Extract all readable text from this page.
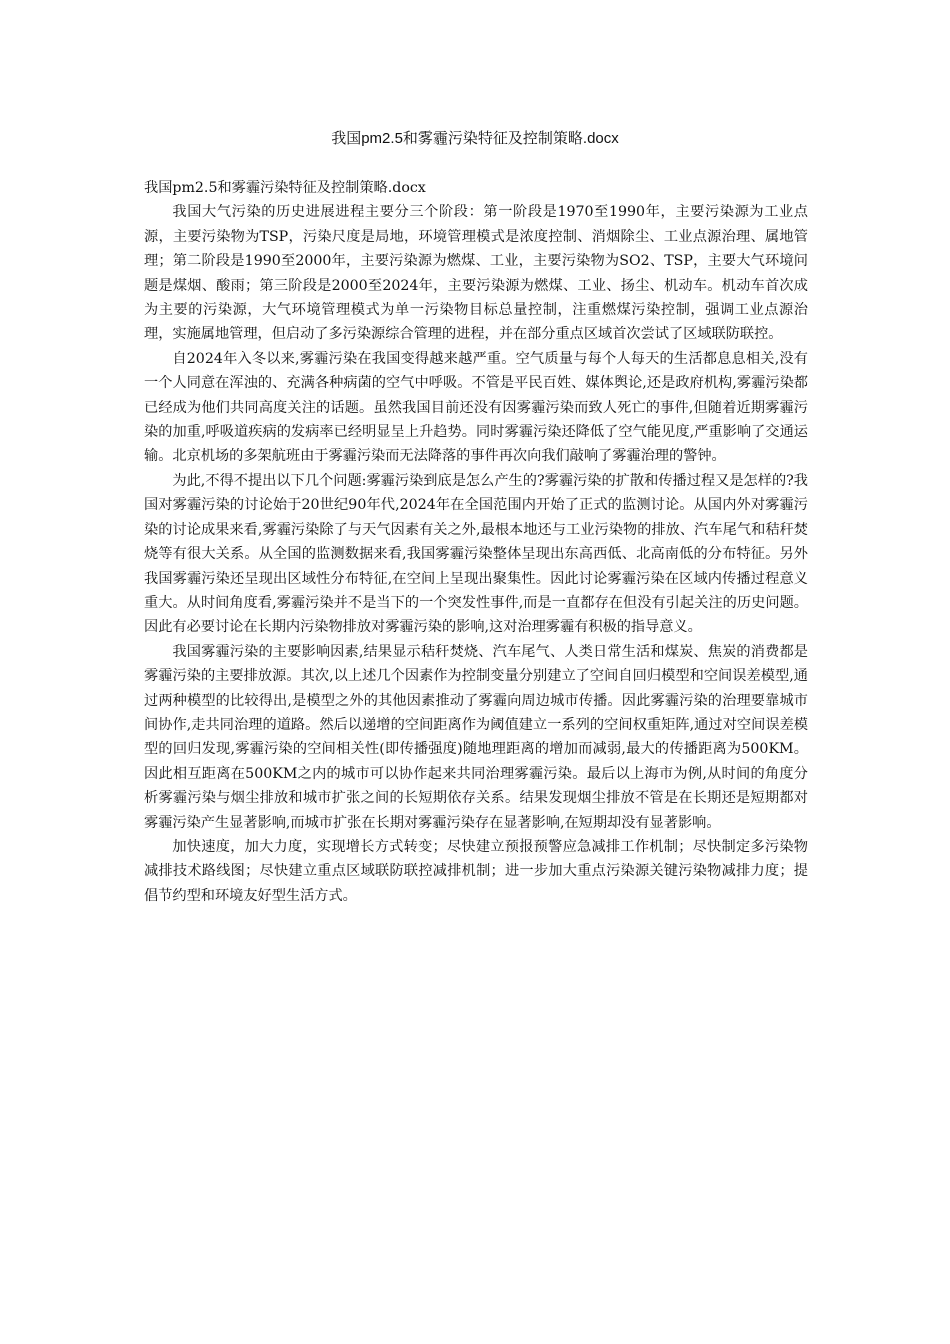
我国pm2.5和雾霾污染特征及控制策略.docx

我国pm2.5和雾霾污染特征及控制策略.docx

我国大气污染的历史进展进程主要分三个阶段：第一阶段是1970至1990年，主要污染源为工业点源，主要污染物为TSP，污染尺度是局地，环境管理模式是浓度控制、消烟除尘、工业点源治理、属地管理；第二阶段是1990至2000年，主要污染源为燃煤、工业，主要污染物为SO2、TSP，主要大气环境问题是煤烟、酸雨；第三阶段是2000至2024年，主要污染源为燃煤、工业、扬尘、机动车。机动车首次成为主要的污染源，大气环境管理模式为单一污染物目标总量控制，注重燃煤污染控制，强调工业点源治理，实施属地管理，但启动了多污染源综合管理的进程，并在部分重点区域首次尝试了区域联防联控。

自2024年入冬以来,雾霾污染在我国变得越来越严重。空气质量与每个人每天的生活都息息相关,没有一个人同意在浑浊的、充满各种病菌的空气中呼吸。不管是平民百姓、媒体舆论,还是政府机构,雾霾污染都已经成为他们共同高度关注的话题。虽然我国目前还没有因雾霾污染而致人死亡的事件,但随着近期雾霾污染的加重,呼吸道疾病的发病率已经明显呈上升趋势。同时雾霾污染还降低了空气能见度,严重影响了交通运输。北京机场的多架航班由于雾霾污染而无法降落的事件再次向我们敲响了雾霾治理的警钟。

为此,不得不提出以下几个问题:雾霾污染到底是怎么产生的?雾霾污染的扩散和传播过程又是怎样的?我国对雾霾污染的讨论始于20世纪90年代,2024年在全国范围内开始了正式的监测讨论。从国内外对雾霾污染的讨论成果来看,雾霾污染除了与天气因素有关之外,最根本地还与工业污染物的排放、汽车尾气和秸秆焚烧等有很大关系。从全国的监测数据来看,我国雾霾污染整体呈现出东高西低、北高南低的分布特征。另外我国雾霾污染还呈现出区域性分布特征,在空间上呈现出聚集性。因此讨论雾霾污染在区域内传播过程意义重大。从时间角度看,雾霾污染并不是当下的一个突发性事件,而是一直都存在但没有引起关注的历史问题。因此有必要讨论在长期内污染物排放对雾霾污染的影响,这对治理雾霾有积极的指导意义。

我国雾霾污染的主要影响因素,结果显示秸秆焚烧、汽车尾气、人类日常生活和煤炭、焦炭的消费都是雾霾污染的主要排放源。其次,以上述几个因素作为控制变量分别建立了空间自回归模型和空间误差模型,通过两种模型的比较得出,是模型之外的其他因素推动了雾霾向周边城市传播。因此雾霾污染的治理要靠城市间协作,走共同治理的道路。然后以递增的空间距离作为阈值建立一系列的空间权重矩阵,通过对空间误差模型的回归发现,雾霾污染的空间相关性(即传播强度)随地理距离的增加而减弱,最大的传播距离为500KM。因此相互距离在500KM之内的城市可以协作起来共同治理雾霾污染。最后以上海市为例,从时间的角度分析雾霾污染与烟尘排放和城市扩张之间的长短期依存关系。结果发现烟尘排放不管是在长期还是短期都对雾霾污染产生显著影响,而城市扩张在长期对雾霾污染存在显著影响,在短期却没有显著影响。

加快速度，加大力度，实现增长方式转变；尽快建立预报预警应急减排工作机制；尽快制定多污染物减排技术路线图；尽快建立重点区域联防联控减排机制；进一步加大重点污染源关键污染物减排力度；提倡节约型和环境友好型生活方式。
